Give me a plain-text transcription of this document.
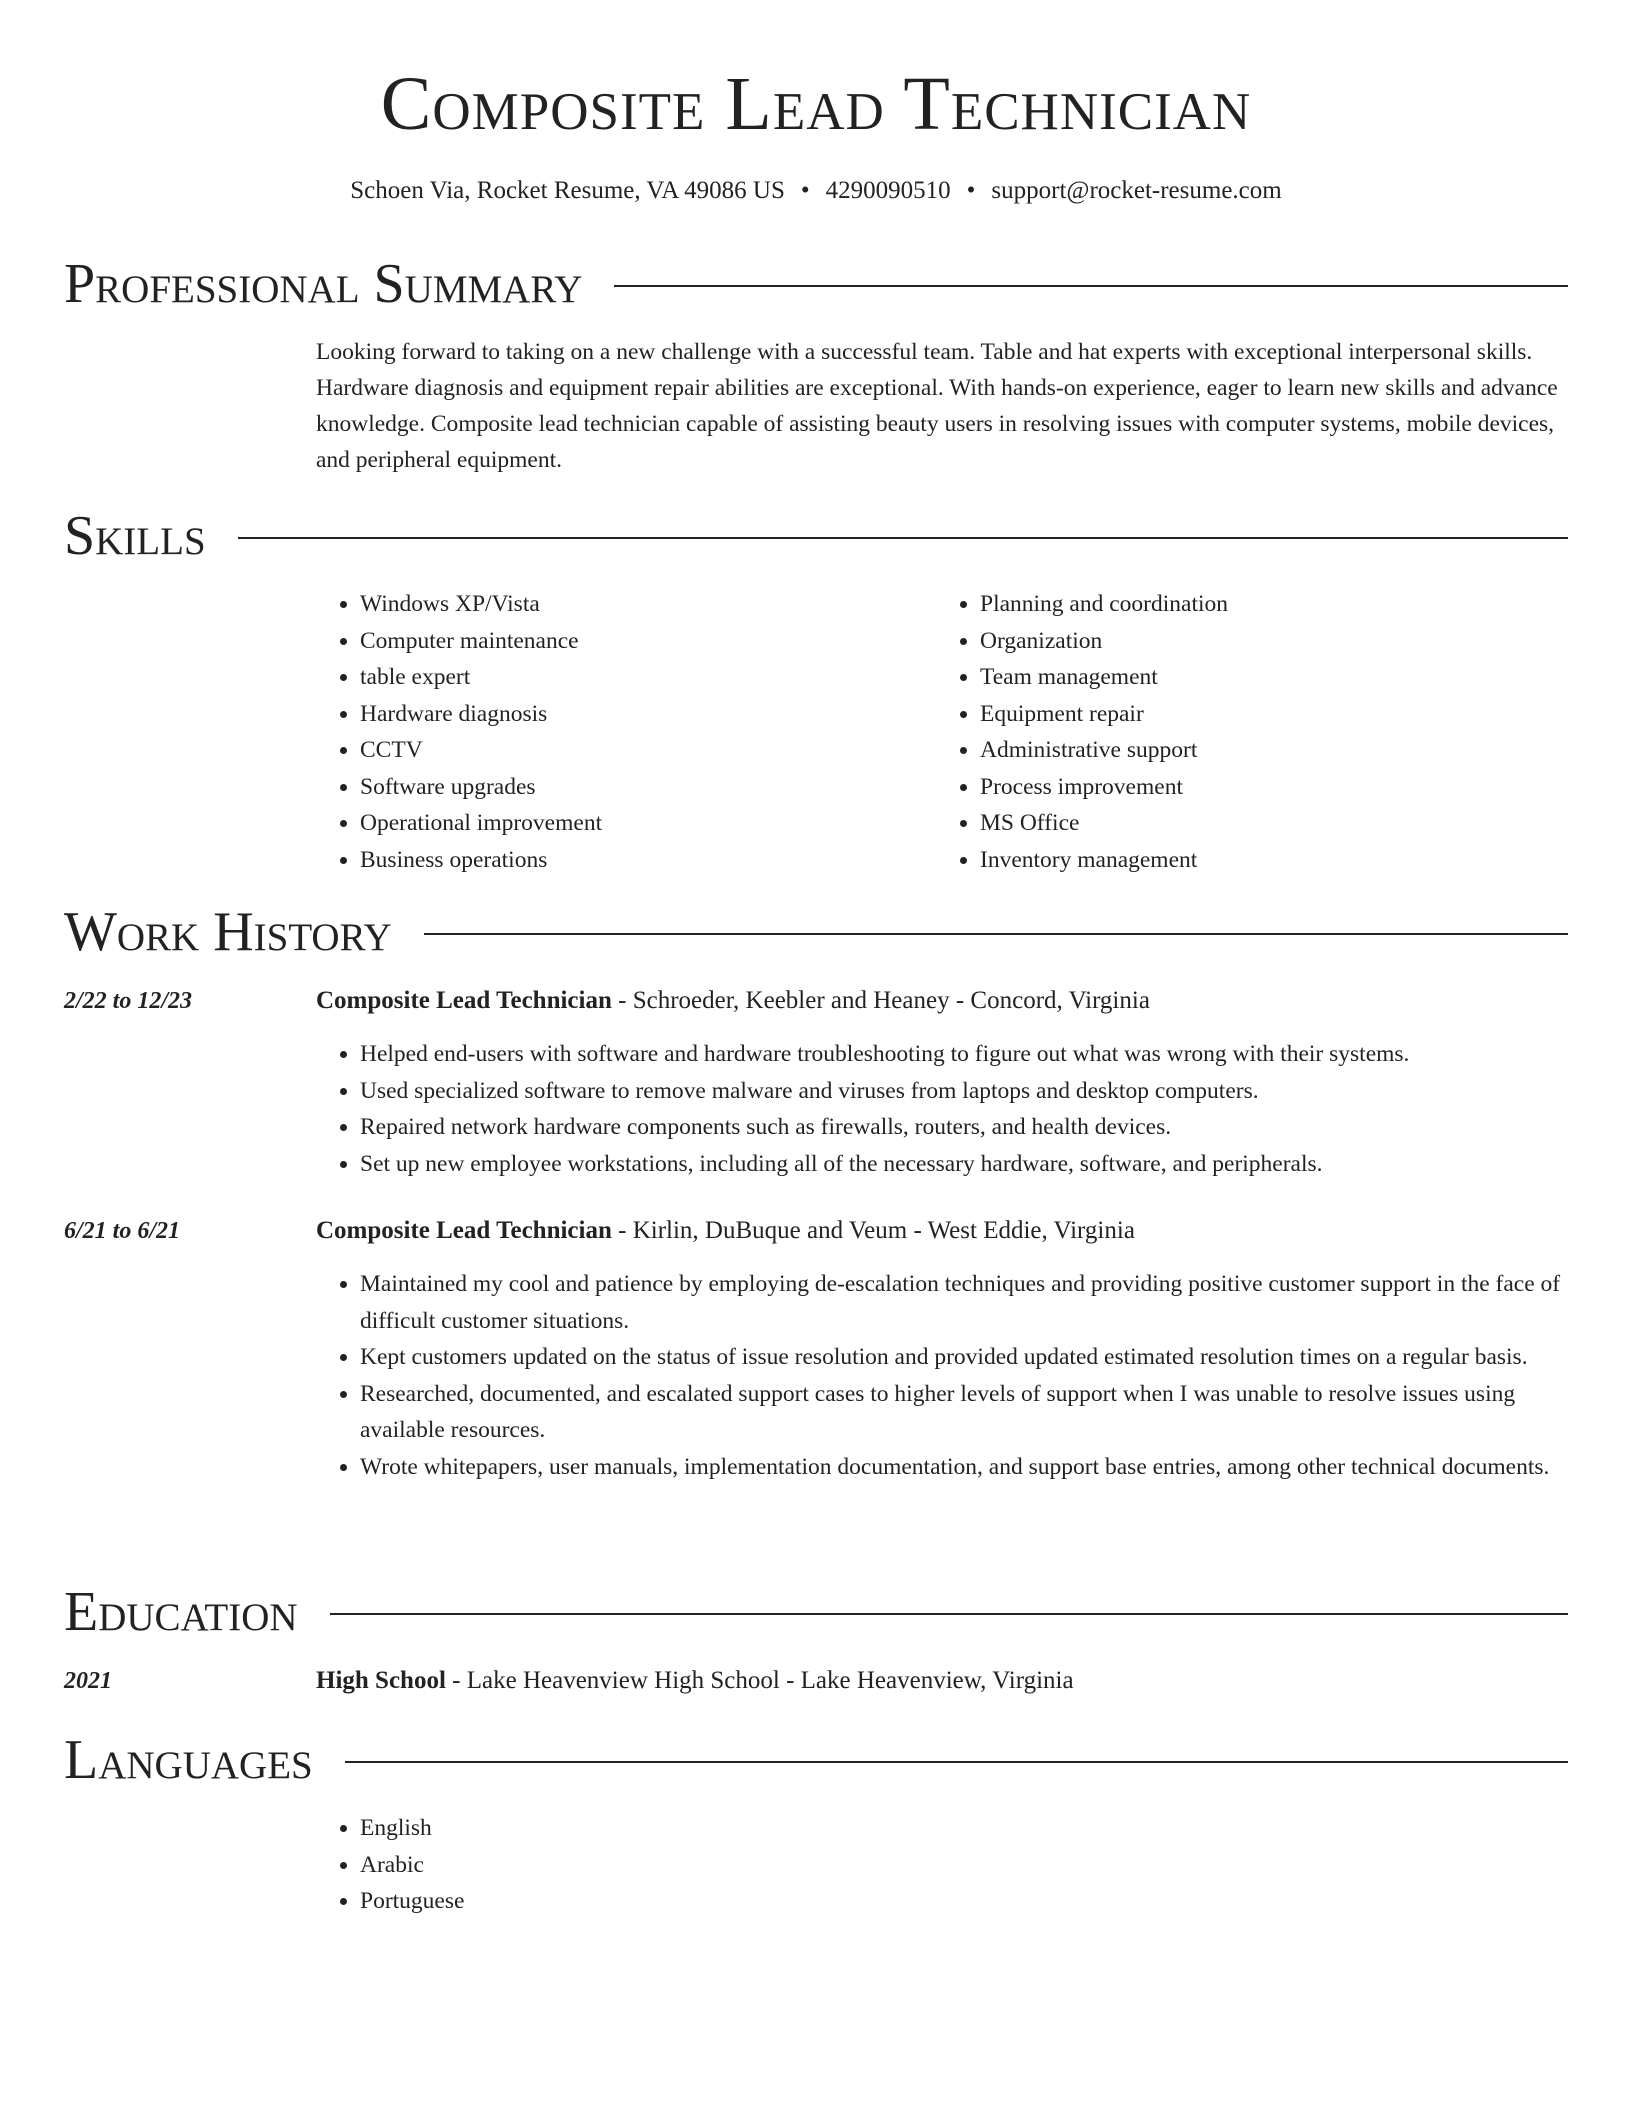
Composite Lead Technician
Schoen Via, Rocket Resume, VA 49086 US • 4290090510 • support@rocket-resume.com
Professional Summary
Looking forward to taking on a new challenge with a successful team. Table and hat experts with exceptional interpersonal skills. Hardware diagnosis and equipment repair abilities are exceptional. With hands-on experience, eager to learn new skills and advance knowledge. Composite lead technician capable of assisting beauty users in resolving issues with computer systems, mobile devices, and peripheral equipment.
Skills
• Windows XP/Vista
• Computer maintenance
• table expert
• Hardware diagnosis
• CCTV
• Software upgrades
• Operational improvement
• Business operations
• Planning and coordination
• Organization
• Team management
• Equipment repair
• Administrative support
• Process improvement
• MS Office
• Inventory management
Work History
2/22 to 12/23	Composite Lead Technician - Schroeder, Keebler and Heaney - Concord, Virginia
• Helped end-users with software and hardware troubleshooting to figure out what was wrong with their systems.
• Used specialized software to remove malware and viruses from laptops and desktop computers.
• Repaired network hardware components such as firewalls, routers, and health devices.
• Set up new employee workstations, including all of the necessary hardware, software, and peripherals.
6/21 to 6/21	Composite Lead Technician - Kirlin, DuBuque and Veum - West Eddie, Virginia
• Maintained my cool and patience by employing de-escalation techniques and providing positive customer support in the face of difficult customer situations.
• Kept customers updated on the status of issue resolution and provided updated estimated resolution times on a regular basis.
• Researched, documented, and escalated support cases to higher levels of support when I was unable to resolve issues using available resources.
• Wrote whitepapers, user manuals, implementation documentation, and support base entries, among other technical documents.
Education
2021	High School - Lake Heavenview High School - Lake Heavenview, Virginia
Languages
• English
• Arabic
• Portuguese
